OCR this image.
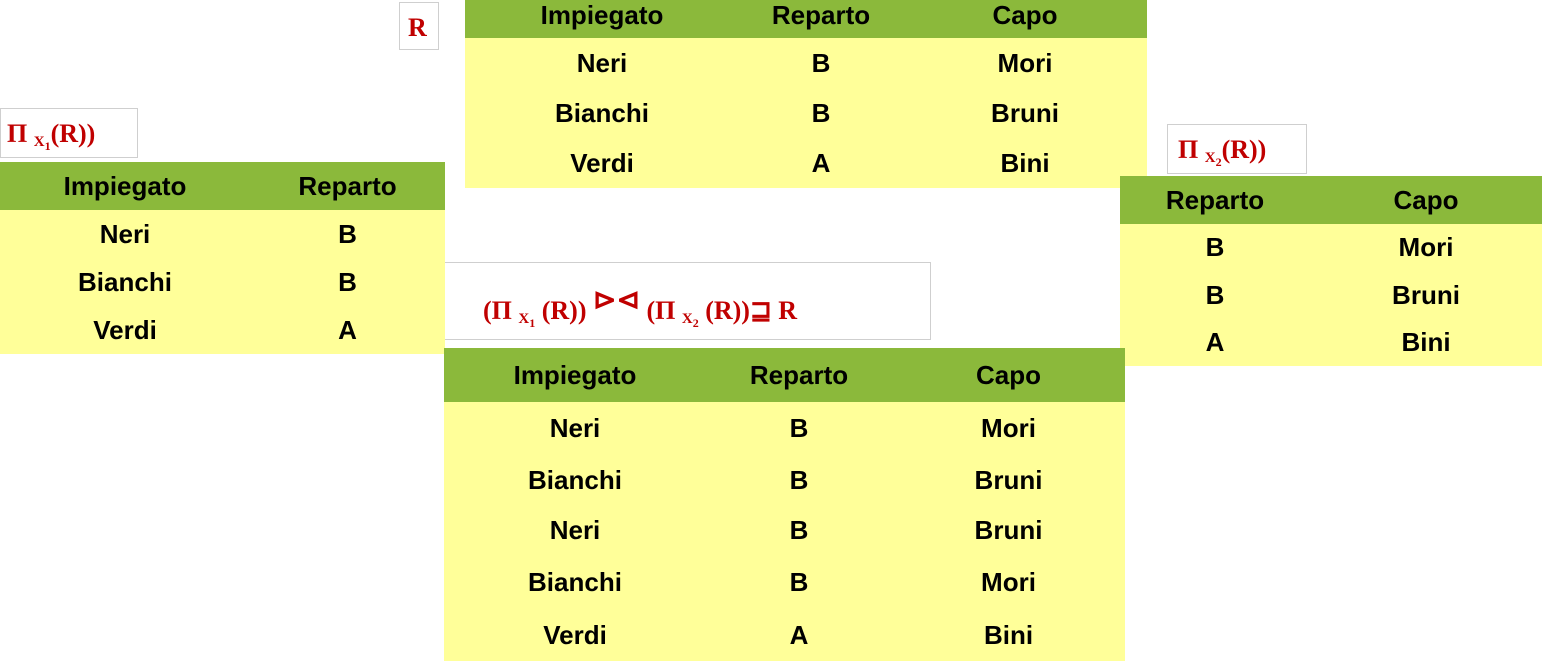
R
Π $_{X_1}$(R))
Π $_{X_2}$(R))
(Π $_{X_1}$ (R)) ⊳⊲ (Π $_{X_2}$ (R))⊒ R
Impiegato	Reparto	Capo
Neri	B	Mori
Bianchi	B	Bruni
Verdi	A	Bini
Impiegato	Reparto
Neri	B
Bianchi	B
Verdi	A
Reparto	Capo
B	Mori
B	Bruni
A	Bini
Impiegato	Reparto	Capo
Neri	B	Mori
Bianchi	B	Bruni
Neri	B	Bruni
Bianchi	B	Mori
Verdi	A	Bini
